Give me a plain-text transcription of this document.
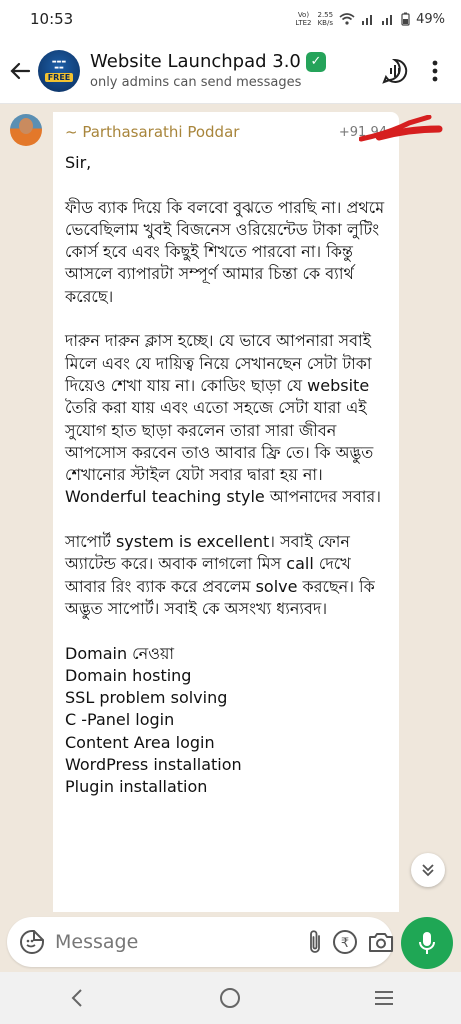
10:53	Vo)
LTE2
2.55
KB/s	49%
▬▬▬
▬▬
FREE
Website Launchpad 3.0 ✓
only admins can send messages
~ Parthasarathi Poddar	+91 94

Sir,

ফীড ব্যাক দিয়ে কি বলবো বুঝতে পারছি না। প্রথমে ভেবেছিলাম খুবই বিজনেস ওরিয়েন্টেড টাকা লুটিং কোর্স হবে এবং কিছুই শিখতে পারবো না। কিন্তু আসলে ব্যাপারটা সম্পূর্ণ আমার চিন্তা কে ব্যার্থ করেছে।

দারুন দারুন ক্লাস হচ্ছে। যে ভাবে আপনারা সবাই মিলে এবং যে দায়িত্ব নিয়ে সেখানছেন সেটা টাকা দিয়েও শেখা যায় না। কোডিং ছাড়া যে website তৈরি করা যায় এবং এতো সহজে সেটা যারা এই সুযোগ হাত ছাড়া করলেন তারা সারা জীবন আপসোস করবেন তাও আবার ফ্রি তে। কি অদ্ভুত শেখানোর স্টাইল যেটা সবার দ্বারা হয় না। Wonderful teaching style আপনাদের সবার।

সাপোর্ট system is excellent। সবাই ফোন অ্যাটেন্ড করে। অবাক লাগলো মিস call দেখে আবার রিং ব্যাক করে প্রবলেম solve করছেন। কি অদ্ভুত সাপোর্ট। সবাই কে অসংখ্য ধ্যন্যবদ।

Domain নেওয়া
Domain hosting
SSL problem solving
C -Panel login
Content Area login
WordPress installation
Plugin installation
Message
₹
